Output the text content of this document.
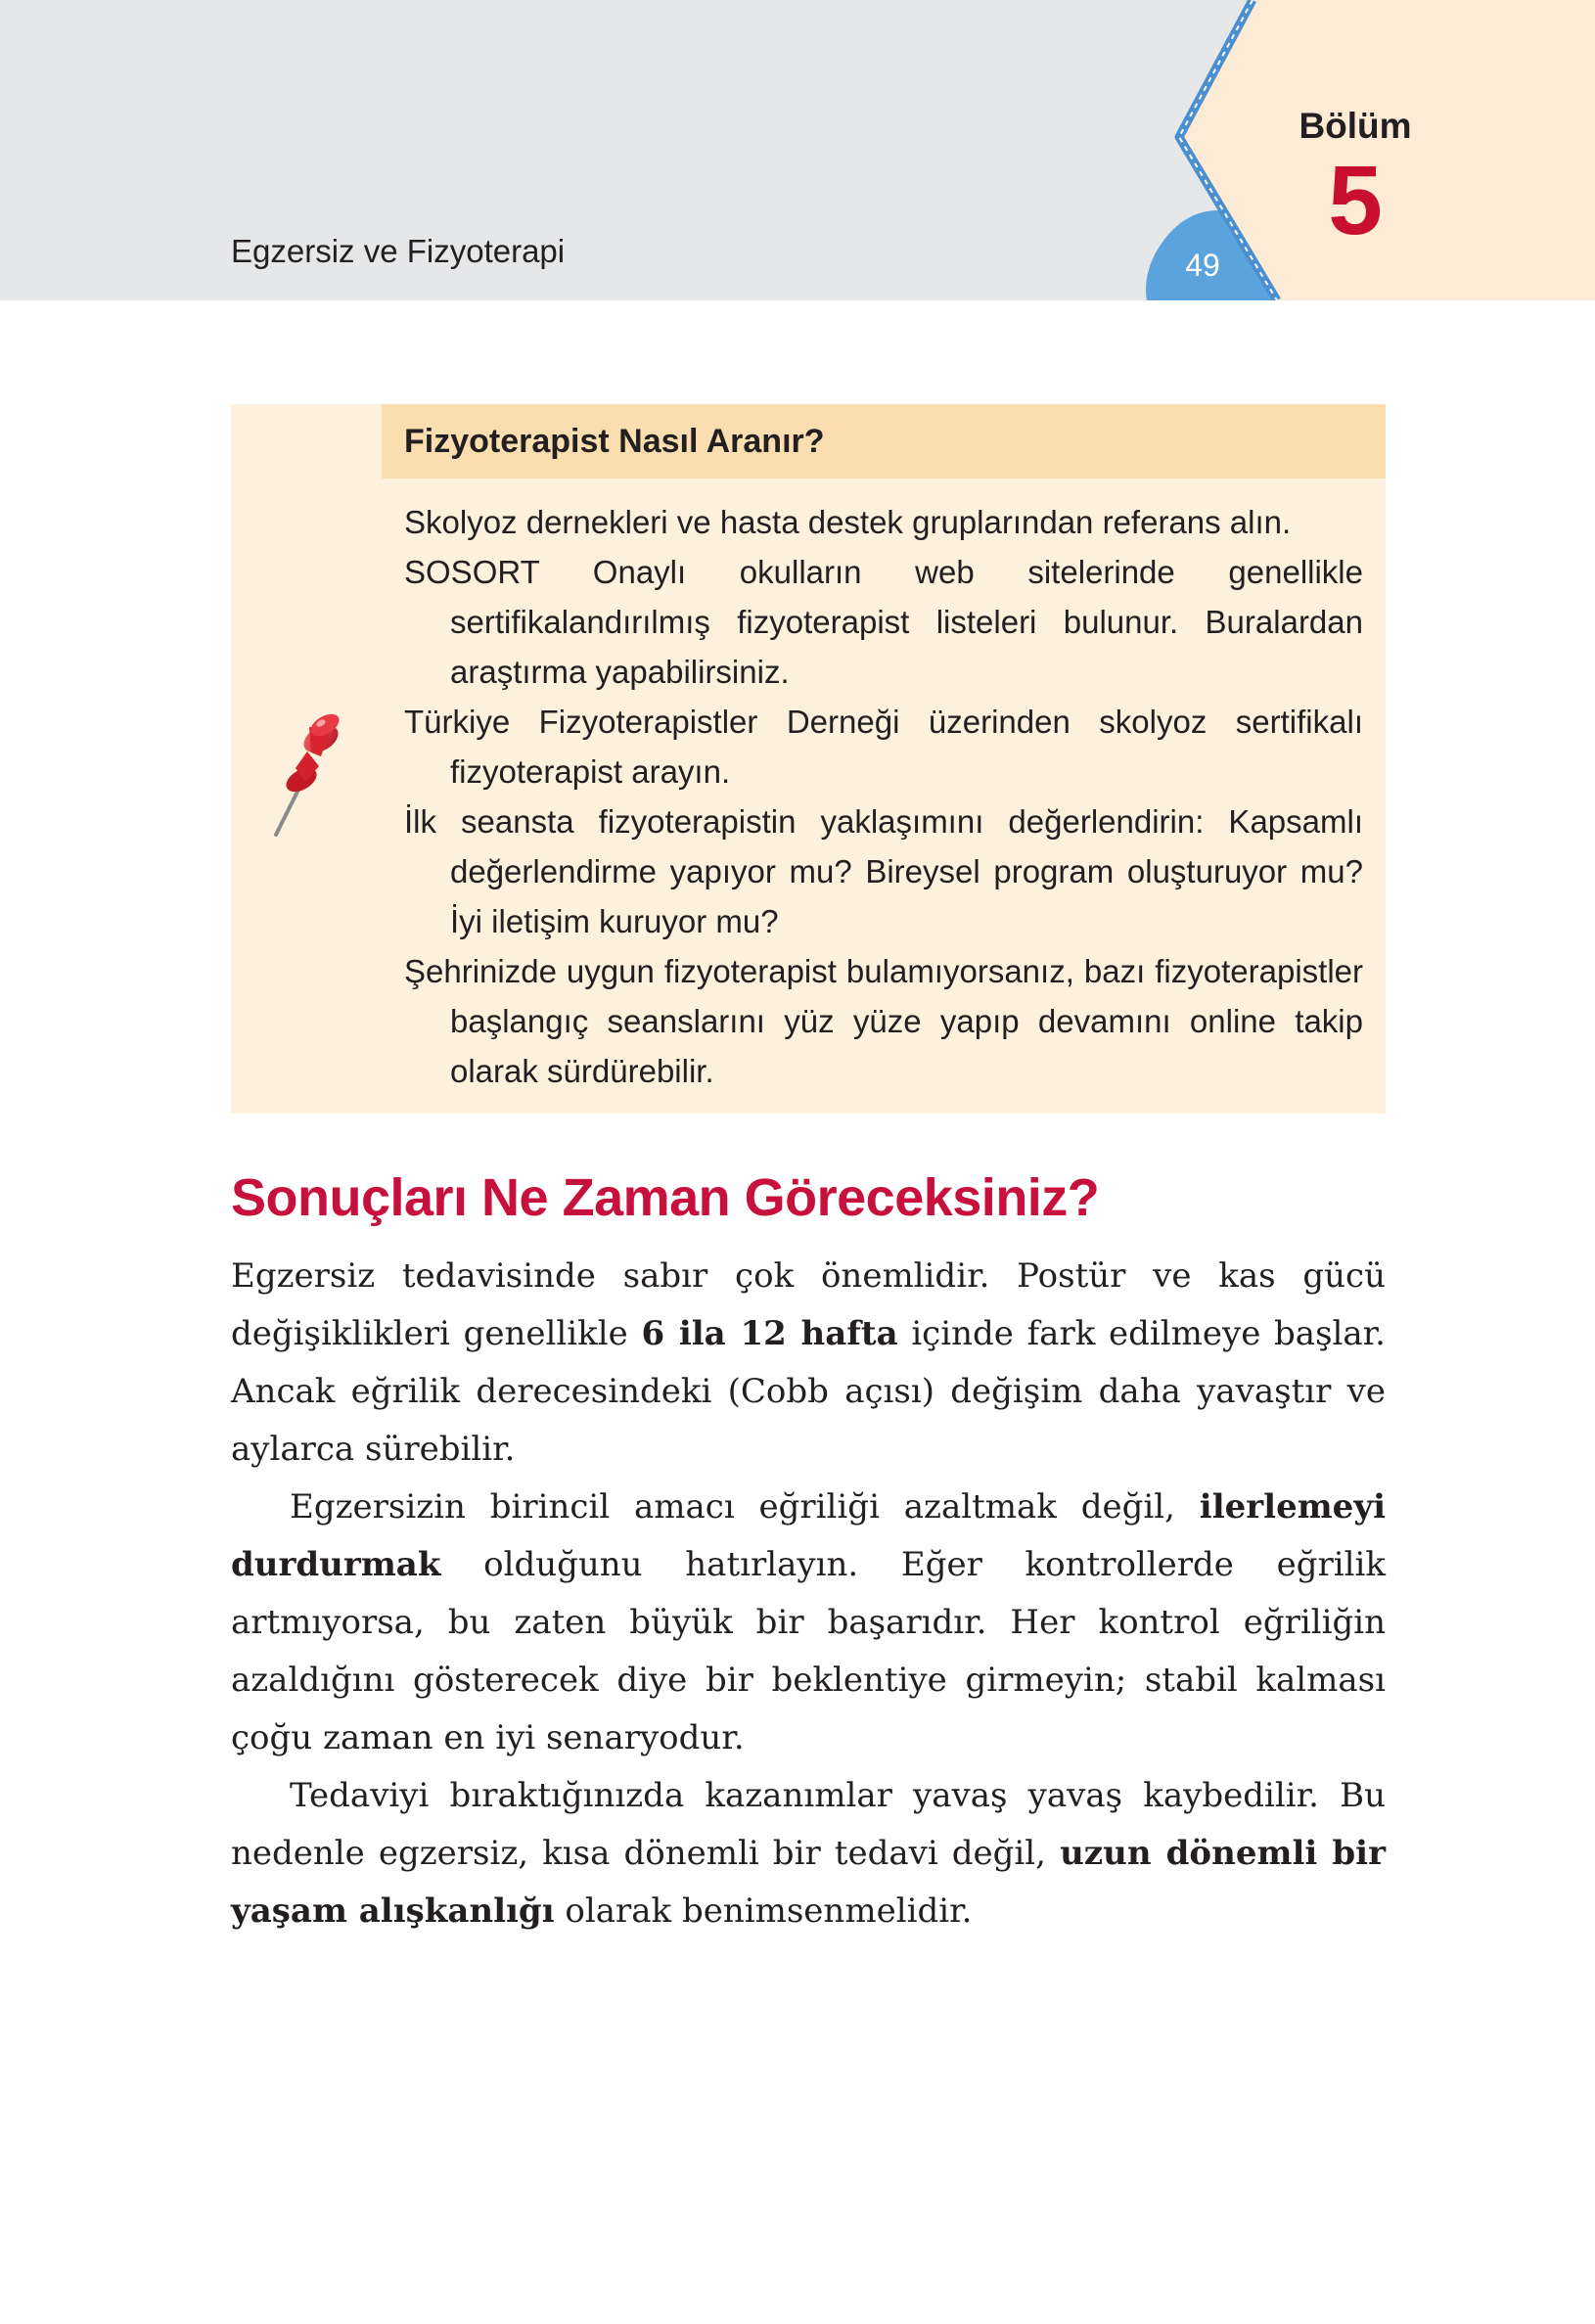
Egzersiz ve Fizyoterapi	49
Bölüm
5
Fizyoterapist Nasıl Aranır?
Skolyoz dernekleri ve hasta destek gruplarından referans alın.
SOSORT Onaylı okulların web sitelerinde genellikle sertifikalandırılmış fizyoterapist listeleri bulunur. Buralardan araştırma yapabilirsiniz.
Türkiye Fizyoterapistler Derneği üzerinden skolyoz sertifikalı fizyoterapist arayın.
İlk seansta fizyoterapistin yaklaşımını değerlendirin: Kapsamlı değerlendirme yapıyor mu? Bireysel program oluşturuyor mu? İyi iletişim kuruyor mu?
Şehrinizde uygun fizyoterapist bulamıyorsanız, bazı fizyoterapistler başlangıç seanslarını yüz yüze yapıp devamını online takip olarak sürdürebilir.
Sonuçları Ne Zaman Göreceksiniz?

Egzersiz tedavisinde sabır çok önemlidir. Postür ve kas gücü değişiklikleri genellikle 6 ila 12 hafta içinde fark edilmeye başlar. Ancak eğrilik derecesindeki (Cobb açısı) değişim daha yavaştır ve aylarca sürebilir.

Egzersizin birincil amacı eğriliği azaltmak değil, ilerlemeyi durdurmak olduğunu hatırlayın. Eğer kontrollerde eğrilik artmıyorsa, bu zaten büyük bir başarıdır. Her kontrol eğriliğin azaldığını gösterecek diye bir beklentiye girmeyin; stabil kalması çoğu zaman en iyi senaryodur.

Tedaviyi bıraktığınızda kazanımlar yavaş yavaş kaybedilir. Bu nedenle egzersiz, kısa dönemli bir tedavi değil, uzun dönemli bir yaşam alışkanlığı olarak benimsenmelidir.
